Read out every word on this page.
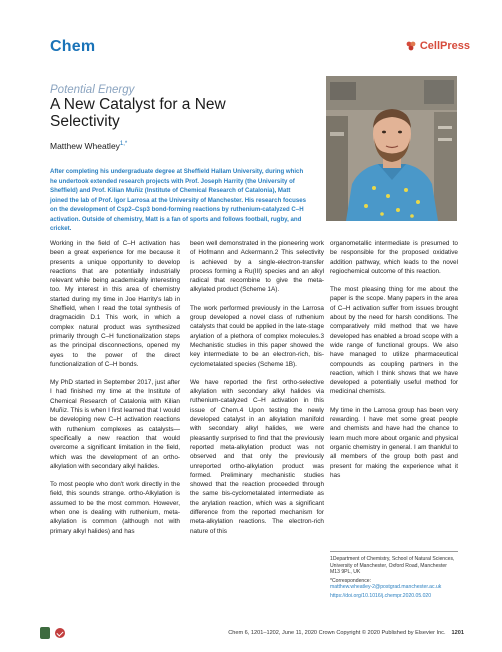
Chem	CellPress
Potential Energy
A New Catalyst for a New Selectivity
Matthew Wheatley$^{1,*}$
After completing his undergraduate degree at Sheffield Hallam University, during which he undertook extended research projects with Prof. Joseph Harrity (the University of Sheffield) and Prof. Kilian Muñiz (Institute of Chemical Research of Catalonia), Matt joined the lab of Prof. Igor Larrosa at the University of Manchester. His research focuses on the development of Csp2–Csp3 bond-forming reactions by ruthenium-catalyzed C–H activation. Outside of chemistry, Matt is a fan of sports and follows football, rugby, and cricket.

Working in the field of C–H activation has been a great experience for me because it presents a unique opportunity to develop reactions that are potentially industrially relevant while being academically interesting too. My interest in this area of chemistry started during my time in Joe Harrity's lab in Sheffield, when I read the total synthesis of dragmacidin D.1 This work, in which a complex natural product was synthesized primarily through C–H functionalization steps as the principal disconnections, opened my eyes to the power of the direct functionalization of C–H bonds.

My PhD started in September 2017, just after I had finished my time at the Institute of Chemical Research of Catalonia with Kilian Muñiz. This is when I first learned that I would be developing new C–H activation reactions with ruthenium complexes as catalysts—specifically a new reaction that would overcome a significant limitation in the field, which was the development of an ortho-alkylation with secondary alkyl halides.

To most people who don't work directly in the field, this sounds strange. ortho-Alkylation is assumed to be the most common. However, when one is dealing with ruthenium, meta-alkylation is common (although not with primary alkyl halides) and has

been well demonstrated in the pioneering work of Hofmann and Ackermann.2 This selectivity is achieved by a single-electron-transfer process forming a Ru(III) species and an alkyl radical that recombine to give the meta-alkylated product (Scheme 1A).

The work performed previously in the Larrosa group developed a novel class of ruthenium catalysts that could be applied in the late-stage arylation of a plethora of complex molecules.3 Mechanistic studies in this paper showed the key intermediate to be an electron-rich, bis-cyclometalated species (Scheme 1B).

We have reported the first ortho-selective alkylation with secondary alkyl halides via ruthenium-catalyzed C–H activation in this issue of Chem.4 Upon testing the newly developed catalyst in an alkylation manifold with secondary alkyl halides, we were pleasantly surprised to find that the previously reported meta-alkylation product was not observed and that only the previously unreported ortho-alkylation product was formed. Preliminary mechanistic studies showed that the reaction proceeded through the same bis-cyclometalated intermediate as the arylation reaction, which was a significant difference from the reported mechanism for meta-alkylation reactions. The electron-rich nature of this

organometallic intermediate is presumed to be responsible for the proposed oxidative addition pathway, which leads to the novel regiochemical outcome of this reaction.

The most pleasing thing for me about the paper is the scope. Many papers in the area of C–H activation suffer from issues brought about by the need for harsh conditions. The comparatively mild method that we have developed has enabled a broad scope with a wide range of functional groups. We also have managed to utilize pharmaceutical compounds as coupling partners in the reaction, which I think shows that we have developed a potentially useful method for medicinal chemists.

My time in the Larrosa group has been very rewarding. I have met some great people and chemists and have had the chance to learn much more about organic and physical organic chemistry in general. I am thankful to all members of the group both past and present for making the experience what it has

1Department of Chemistry, School of Natural Sciences, University of Manchester, Oxford Road, Manchester M13 9PL, UK
*Correspondence:
matthew.wheatley-2@postgrad.manchester.ac.uk
https://doi.org/10.1016/j.chempr.2020.05.020
Chem 6, 1201–1202, June 11, 2020 Crown Copyright © 2020 Published by Elsevier Inc. 1201
